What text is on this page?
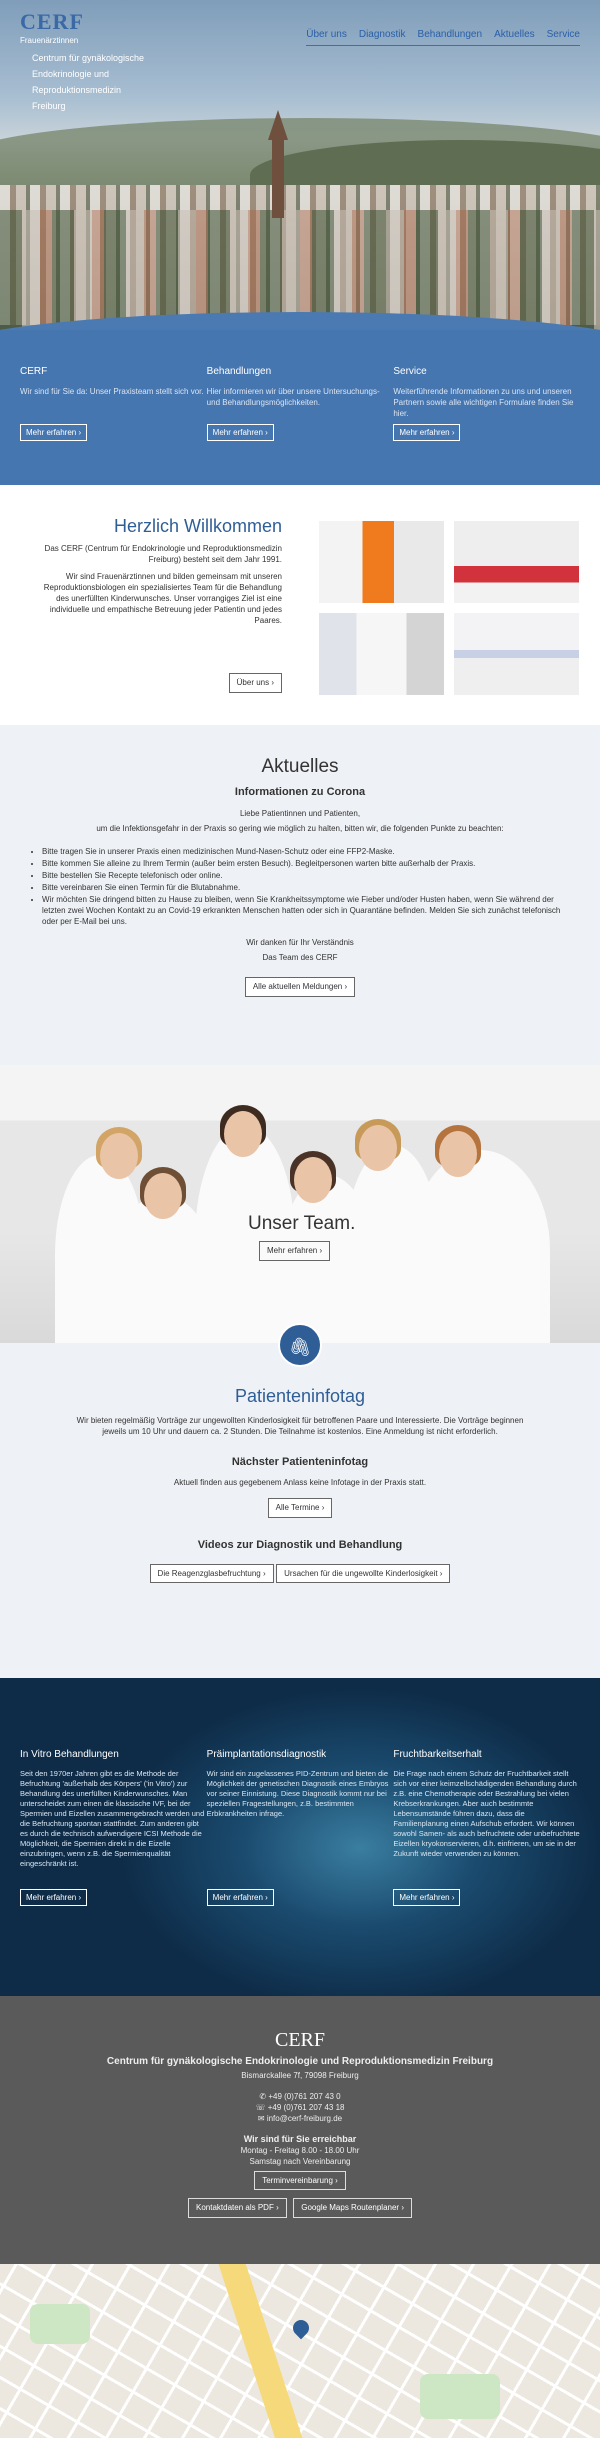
CERF
Frauenärztinnen
Centrum für gynäkologische
Endokrinologie und
Reproduktionsmedizin
Freiburg
Über uns Diagnostik Behandlungen Aktuelles Service
CERF

Wir sind für Sie da: Unser Praxisteam stellt sich vor.

Mehr erfahren ›
Behandlungen

Hier informieren wir über unsere Untersuchungs- und Behandlungsmöglichkeiten.

Mehr erfahren ›
Service

Weiterführende Informationen zu uns und unseren Partnern sowie alle wichtigen Formulare finden Sie hier.

Mehr erfahren ›
Herzlich Willkommen

Das CERF (Centrum für Endokrinologie und Reproduktionsmedizin Freiburg) besteht seit dem Jahr 1991.

Wir sind Frauenärztinnen und bilden gemeinsam mit unseren Reproduktionsbiologen ein spezialisiertes Team für die Behandlung des unerfüllten Kinderwunsches. Unser vorrangiges Ziel ist eine individuelle und empathische Betreuung jeder Patientin und jedes Paares.

Über uns ›
Aktuelles
Informationen zu Corona
Liebe Patientinnen und Patienten,
um die Infektionsgefahr in der Praxis so gering wie möglich zu halten, bitten wir, die folgenden Punkte zu beachten:
• Bitte tragen Sie in unserer Praxis einen medizinischen Mund-Nasen-Schutz oder eine FFP2-Maske.
• Bitte kommen Sie alleine zu Ihrem Termin (außer beim ersten Besuch). Begleitpersonen warten bitte außerhalb der Praxis.
• Bitte bestellen Sie Recepte telefonisch oder online.
• Bitte vereinbaren Sie einen Termin für die Blutabnahme.
• Wir möchten Sie dringend bitten zu Hause zu bleiben, wenn Sie Krankheitssymptome wie Fieber und/oder Husten haben, wenn Sie während der letzten zwei Wochen Kontakt zu an Covid-19 erkrankten Menschen hatten oder sich in Quarantäne befinden. Melden Sie sich zunächst telefonisch oder per E-Mail bei uns.
Wir danken für Ihr Verständnis
Das Team des CERF
Alle aktuellen Meldungen ›
Unser Team.
Mehr erfahren ›
🖇
Patienteninfotag
Wir bieten regelmäßig Vorträge zur ungewollten Kinderlosigkeit für betroffenen Paare und Interessierte. Die Vorträge beginnen jeweils um 10 Uhr und dauern ca. 2 Stunden. Die Teilnahme ist kostenlos. Eine Anmeldung ist nicht erforderlich.
Nächster Patienteninfotag
Aktuell finden aus gegebenem Anlass keine Infotage in der Praxis statt.
Alle Termine ›
Videos zur Diagnostik und Behandlung
Die Reagenzglasbefruchtung › Ursachen für die ungewollte Kinderlosigkeit ›
In Vitro Behandlungen

Seit den 1970er Jahren gibt es die Methode der Befruchtung 'außerhalb des Körpers' ('in Vitro') zur Behandlung des unerfüllten Kinderwunsches. Man unterscheidet zum einen die klassische IVF, bei der Spermien und Eizellen zusammengebracht werden und die Befruchtung spontan stattfindet. Zum anderen gibt es durch die technisch aufwendigere ICSI Methode die Möglichkeit, die Spermien direkt in die Eizelle einzubringen, wenn z.B. die Spermienqualität eingeschränkt ist.

Mehr erfahren ›
Präimplantationsdiagnostik

Wir sind ein zugelassenes PID-Zentrum und bieten die Möglichkeit der genetischen Diagnostik eines Embryos vor seiner Einnistung. Diese Diagnostik kommt nur bei speziellen Fragestellungen, z.B. bestimmten Erbkrankheiten infrage.

Mehr erfahren ›
Fruchtbarkeitserhalt

Die Frage nach einem Schutz der Fruchtbarkeit stellt sich vor einer keimzellschädigenden Behandlung durch z.B. eine Chemotherapie oder Bestrahlung bei vielen Krebserkrankungen. Aber auch bestimmte Lebensumstände führen dazu, dass die Familienplanung einen Aufschub erfordert. Wir können sowohl Samen- als auch befruchtete oder unbefruchtete Eizellen kryokonservieren, d.h. einfrieren, um sie in der Zukunft wieder verwenden zu können.

Mehr erfahren ›
CERF
Centrum für gynäkologische Endokrinologie und Reproduktionsmedizin Freiburg
Bismarckallee 7f, 79098 Freiburg
✆ +49 (0)761 207 43 0
☏ +49 (0)761 207 43 18
✉ info@cerf-freiburg.de
Wir sind für Sie erreichbar
Montag - Freitag 8.00 - 18.00 Uhr
Samstag nach Vereinbarung
Terminvereinbarung ›
Kontaktdaten als PDF ›	Google Maps Routenplaner ›
